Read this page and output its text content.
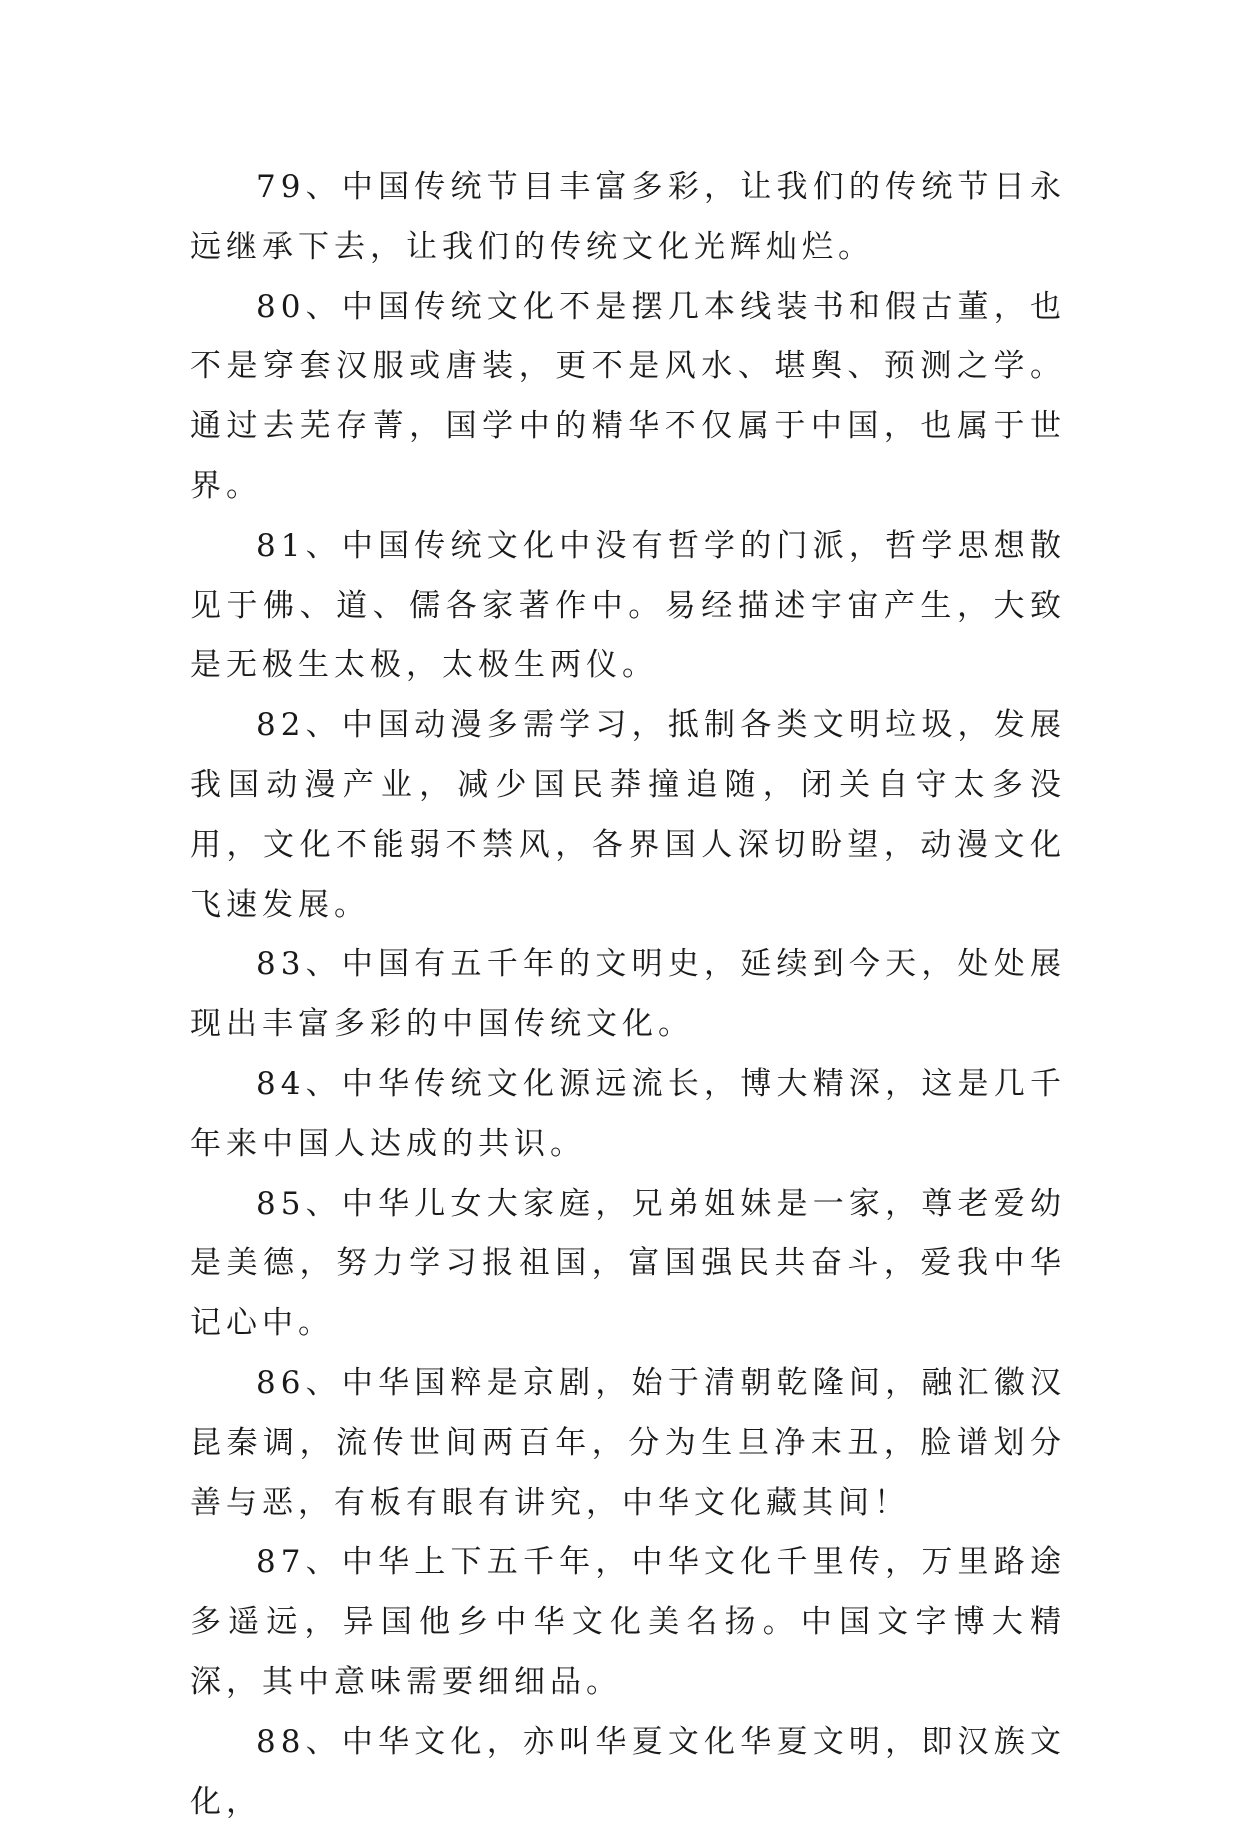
79、中国传统节目丰富多彩，让我们的传统节日永远继承下去，让我们的传统文化光辉灿烂。

80、中国传统文化不是摆几本线装书和假古董，也不是穿套汉服或唐装，更不是风水、堪舆、预测之学。通过去芜存菁，国学中的精华不仅属于中国，也属于世界。

81、中国传统文化中没有哲学的门派，哲学思想散见于佛、道、儒各家著作中。易经描述宇宙产生，大致是无极生太极，太极生两仪。

82、中国动漫多需学习，抵制各类文明垃圾，发展我国动漫产业，减少国民莽撞追随，闭关自守太多没用，文化不能弱不禁风，各界国人深切盼望，动漫文化飞速发展。

83、中国有五千年的文明史，延续到今天，处处展现出丰富多彩的中国传统文化。

84、中华传统文化源远流长，博大精深，这是几千年来中国人达成的共识。

85、中华儿女大家庭，兄弟姐妹是一家，尊老爱幼是美德，努力学习报祖国，富国强民共奋斗，爱我中华记心中。

86、中华国粹是京剧，始于清朝乾隆间，融汇徽汉昆秦调，流传世间两百年，分为生旦净末丑，脸谱划分善与恶，有板有眼有讲究，中华文化藏其间！

87、中华上下五千年，中华文化千里传，万里路途多遥远，异国他乡中华文化美名扬。中国文字博大精深，其中意味需要细细品。

88、中华文化，亦叫华夏文化华夏文明，即汉族文化，
